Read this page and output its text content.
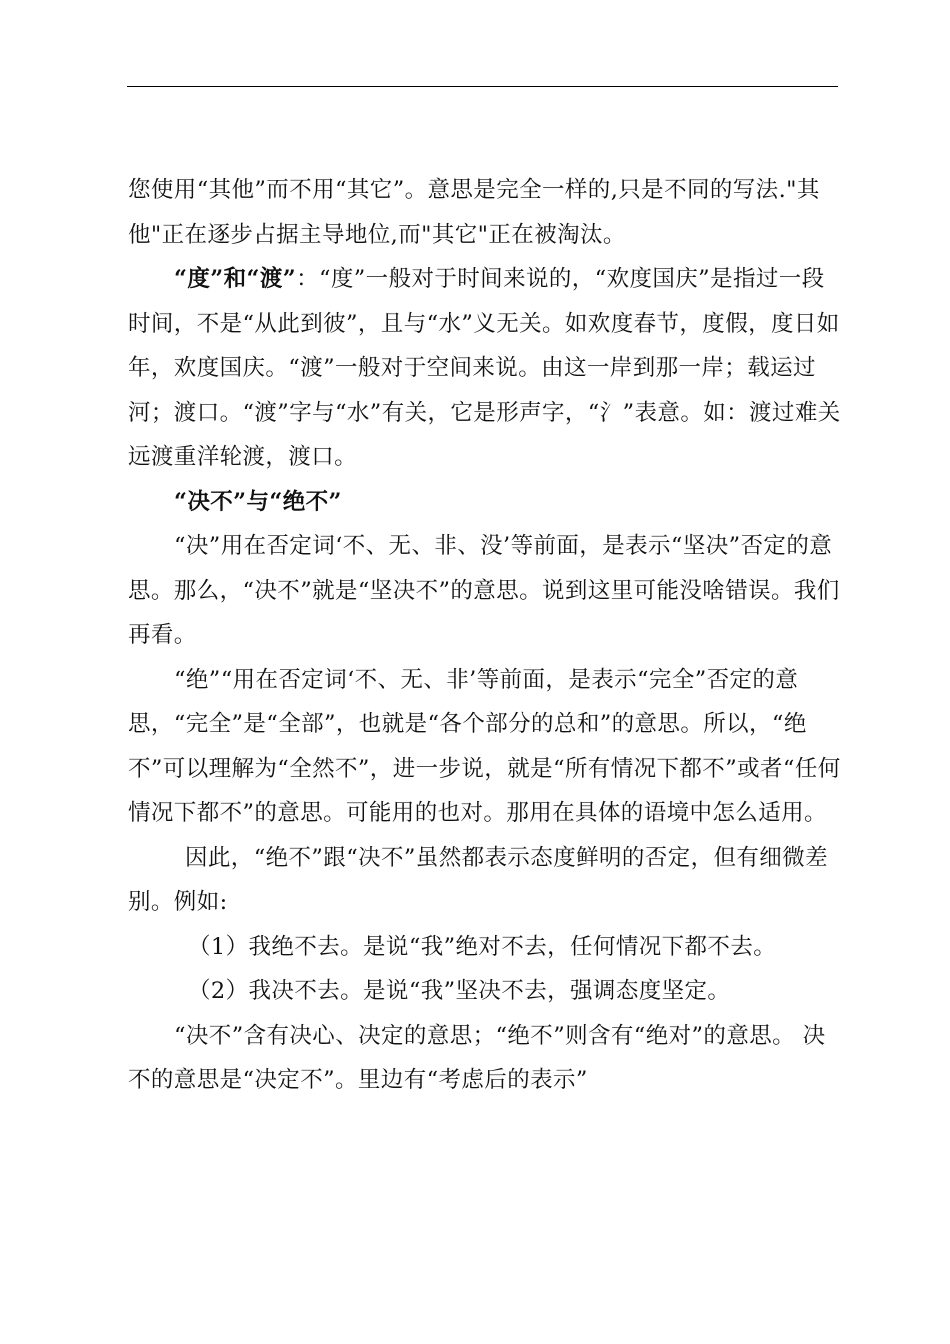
您使用“其他”而不用“其它”。意思是完全一样的,只是不同的写法."其他"正在逐步占据主导地位,而"其它"正在被淘汰。

“度”和“渡”：“度”一般对于时间来说的，“欢度国庆”是指过一段时间，不是“从此到彼”，且与“水”义无关。如欢度春节，度假，度日如年，欢度国庆。“渡”一般对于空间来说。由这一岸到那一岸；载运过河；渡口。“渡”字与“水”有关，它是形声字，“氵”表意。如：渡过难关远渡重洋轮渡，渡口。

“决不”与“绝不”

“决”用在否定词‘不、无、非、没’等前面，是表示“坚决”否定的意思。那么，“决不”就是“坚决不”的意思。说到这里可能没啥错误。我们再看。

“绝”“用在否定词‘不、无、非’等前面，是表示“完全”否定的意思，“完全”是“全部”，也就是“各个部分的总和”的意思。所以，“绝不”可以理解为“全然不”，进一步说，就是“所有情况下都不”或者“任何情况下都不”的意思。可能用的也对。那用在具体的语境中怎么适用。

因此，“绝不”跟“决不”虽然都表示态度鲜明的否定，但有细微差别。例如:

（1）我绝不去。是说“我”绝对不去，任何情况下都不去。

（2）我决不去。是说“我”坚决不去，强调态度坚定。

“决不”含有决心、决定的意思；“绝不”则含有“绝对”的意思。 决不的意思是“决定不”。里边有“考虑后的表示”
